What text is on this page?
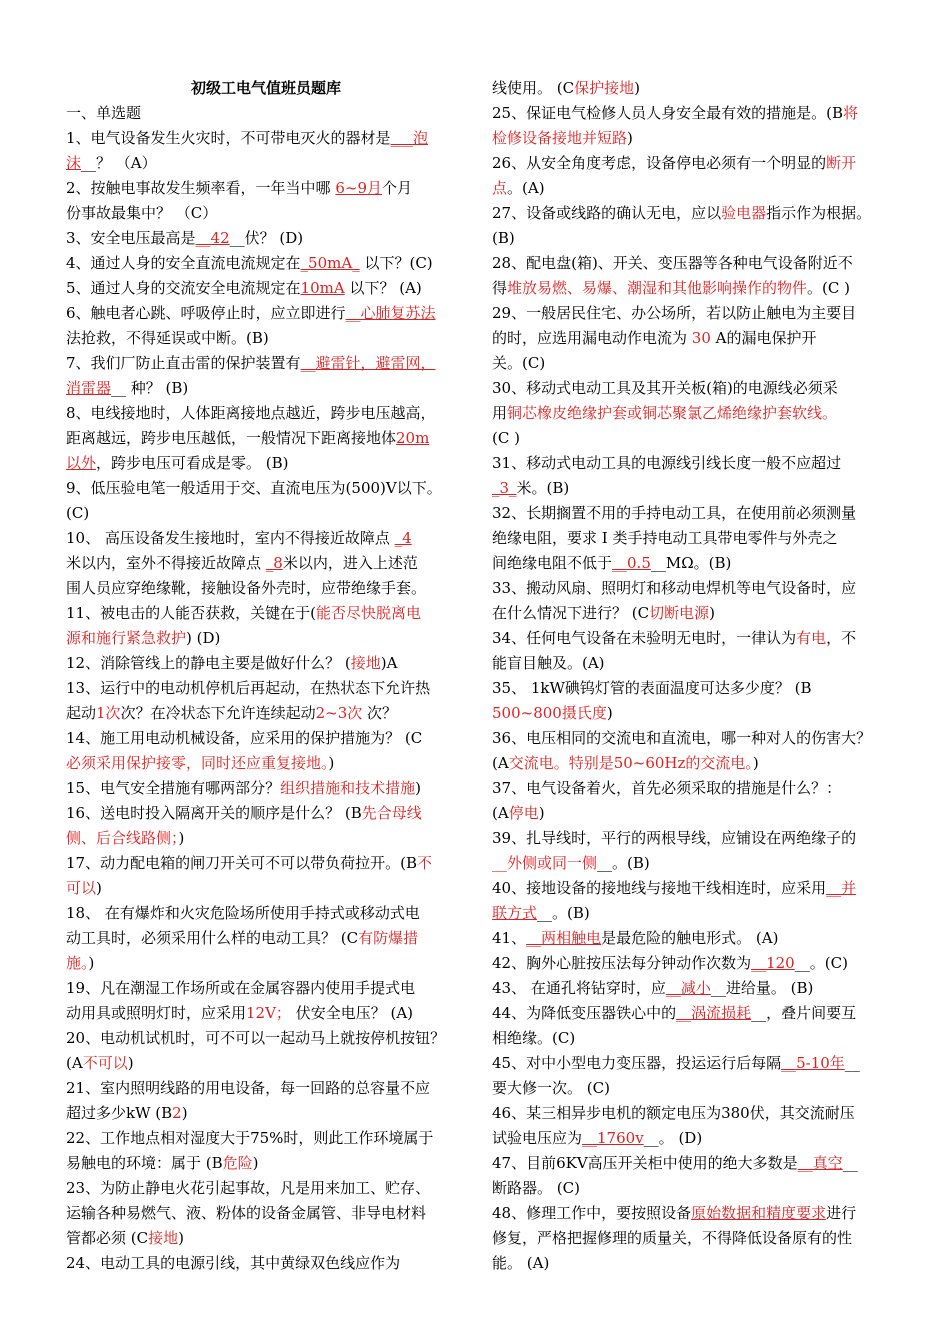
初级工电气值班员题库
一、单选题
1、电气设备发生火灾时，不可带电灭火的器材是___泡
沫__？ （A）
2、按触电事故发生频率看，一年当中哪 6~9月个月
份事故最集中？ （C）
3、安全电压最高是__42__伏？ (D)
4、通过人身的安全直流电流规定在_50mA_ 以下？(C)
5、通过人身的交流安全电流规定在10mA 以下？ (A)
6、触电者心跳、呼吸停止时，应立即进行__心肺复苏法
法抢救，不得延误或中断。(B)
7、我们厂防止直击雷的保护装置有__避雷针，避雷网，
消雷器__ 种？ (B)
8、电线接地时，人体距离接地点越近，跨步电压越高，
距离越远，跨步电压越低，一般情况下距离接地体20m
以外，跨步电压可看成是零。 (B)
9、低压验电笔一般适用于交、直流电压为(500)V以下。
(C)
10、 高压设备发生接地时，室内不得接近故障点 _4
米以内，室外不得接近故障点 _8米以内，进入上述范
围人员应穿绝缘靴，接触设备外壳时，应带绝缘手套。
11、被电击的人能否获救，关键在于(能否尽快脱离电
源和施行紧急救护) (D)
12、消除管线上的静电主要是做好什么？ (接地)A
13、运行中的电动机停机后再起动，在热状态下允许热
起动1次次？在冷状态下允许连续起动2~3次 次？
14、施工用电动机械设备，应采用的保护措施为？ (C
必须采用保护接零，同时还应重复接地。)
15、电气安全措施有哪两部分？组织措施和技术措施)
16、送电时投入隔离开关的顺序是什么？ (B先合母线
侧、后合线路侧；)
17、动力配电箱的闸刀开关可不可以带负荷拉开。(B不
可以)
18、 在有爆炸和火灾危险场所使用手持式或移动式电
动工具时，必须采用什么样的电动工具？ (C有防爆措
施。)
19、凡在潮湿工作场所或在金属容器内使用手提式电
动用具或照明灯时，应采用12V； 伏安全电压？ (A)
20、电动机试机时，可不可以一起动马上就按停机按钮？
(A不可以)
21、室内照明线路的用电设备，每一回路的总容量不应
超过多少kW (B2)
22、工作地点相对湿度大于75%时，则此工作环境属于
易触电的环境：属于 (B危险)
23、为防止静电火花引起事故，凡是用来加工、贮存、
运输各种易燃气、液、粉体的设备金属管、非导电材料
管都必须 (C接地)
24、电动工具的电源引线，其中黄绿双色线应作为
线使用。 (C保护接地)
25、保证电气检修人员人身安全最有效的措施是。(B将
检修设备接地并短路)
26、从安全角度考虑，设备停电必须有一个明显的断开
点。(A)
27、设备或线路的确认无电，应以验电器指示作为根据。
(B)
28、配电盘(箱)、开关、变压器等各种电气设备附近不
得堆放易燃、易爆、潮湿和其他影响操作的物件。(C )
29、一般居民住宅、办公场所，若以防止触电为主要目
的时，应选用漏电动作电流为 30 A的漏电保护开
关。(C)
30、移动式电动工具及其开关板(箱)的电源线必须采
用铜芯橡皮绝缘护套或铜芯聚氯乙烯绝缘护套软线。
(C )
31、移动式电动工具的电源线引线长度一般不应超过
_3_米。(B)
32、长期搁置不用的手持电动工具，在使用前必须测量
绝缘电阻，要求 I 类手持电动工具带电零件与外壳之
间绝缘电阻不低于__0.5__MΩ。(B)
33、搬动风扇、照明灯和移动电焊机等电气设备时，应
在什么情况下进行？ (C切断电源)
34、任何电气设备在未验明无电时，一律认为有电，不
能盲目触及。(A)
35、 1kW碘钨灯管的表面温度可达多少度？ (B
500~800摄氏度)
36、电压相同的交流电和直流电，哪一种对人的伤害大？
(A交流电。特别是50~60Hz的交流电。)
37、电气设备着火，首先必须采取的措施是什么？：
(A停电)
39、扎导线时，平行的两根导线，应铺设在两绝缘子的
__外侧或同一侧__。(B)
40、接地设备的接地线与接地干线相连时，应采用__并
联方式__。(B)
41、__两相触电是最危险的触电形式。 (A)
42、胸外心脏按压法每分钟动作次数为__120__。(C)
43、 在通孔将钻穿时，应__减小__进给量。 (B)
44、为降低变压器铁心中的__涡流损耗__，叠片间要互
相绝缘。(C)
45、对中小型电力变压器，投运运行后每隔__5-10年__
要大修一次。 (C)
46、某三相异步电机的额定电压为380伏，其交流耐压
试验电压应为__1760v__。 (D)
47、目前6KV高压开关柜中使用的绝大多数是__真空__
断路器。 (C)
48、修理工作中，要按照设备原始数据和精度要求进行
修复，严格把握修理的质量关，不得降低设备原有的性
能。 (A)
